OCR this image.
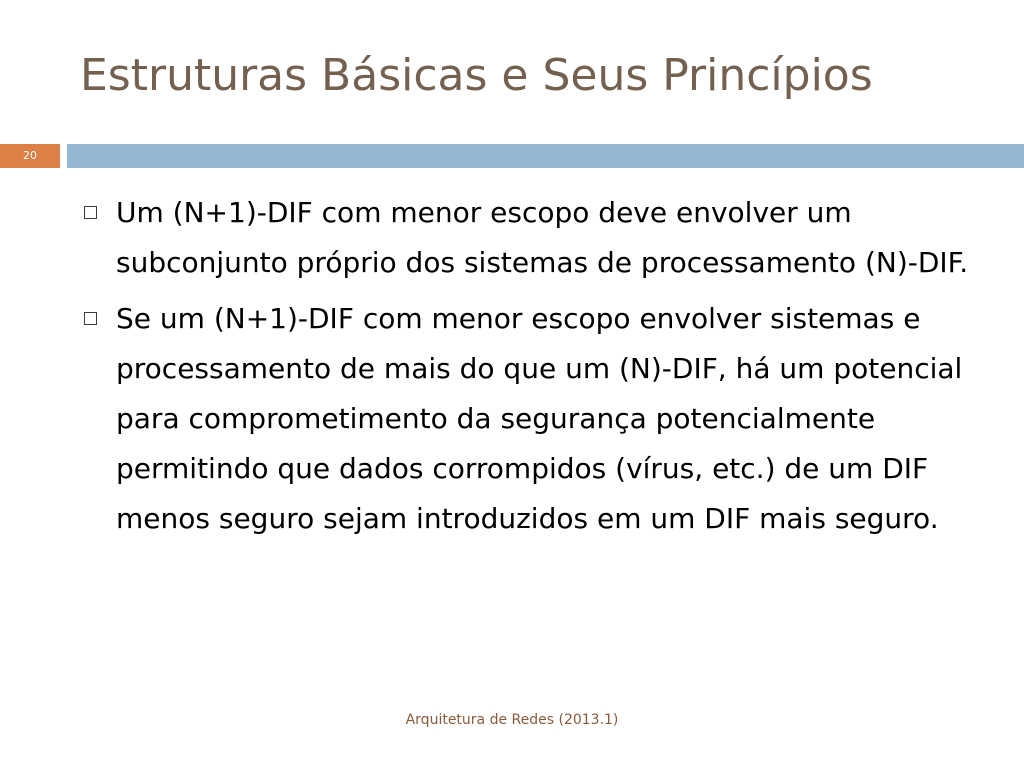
Estruturas Básicas e Seus Princípios
20
Um (N+1)-DIF com menor escopo deve envolver um subconjunto próprio dos sistemas de processamento (N)-DIF.
Se um (N+1)-DIF com menor escopo envolver sistemas e processamento de mais do que um (N)-DIF, há um potencial para comprometimento da segurança potencialmente permitindo que dados corrompidos (vírus, etc.) de um DIF menos seguro sejam introduzidos em um DIF mais seguro.
Arquitetura de Redes (2013.1)
